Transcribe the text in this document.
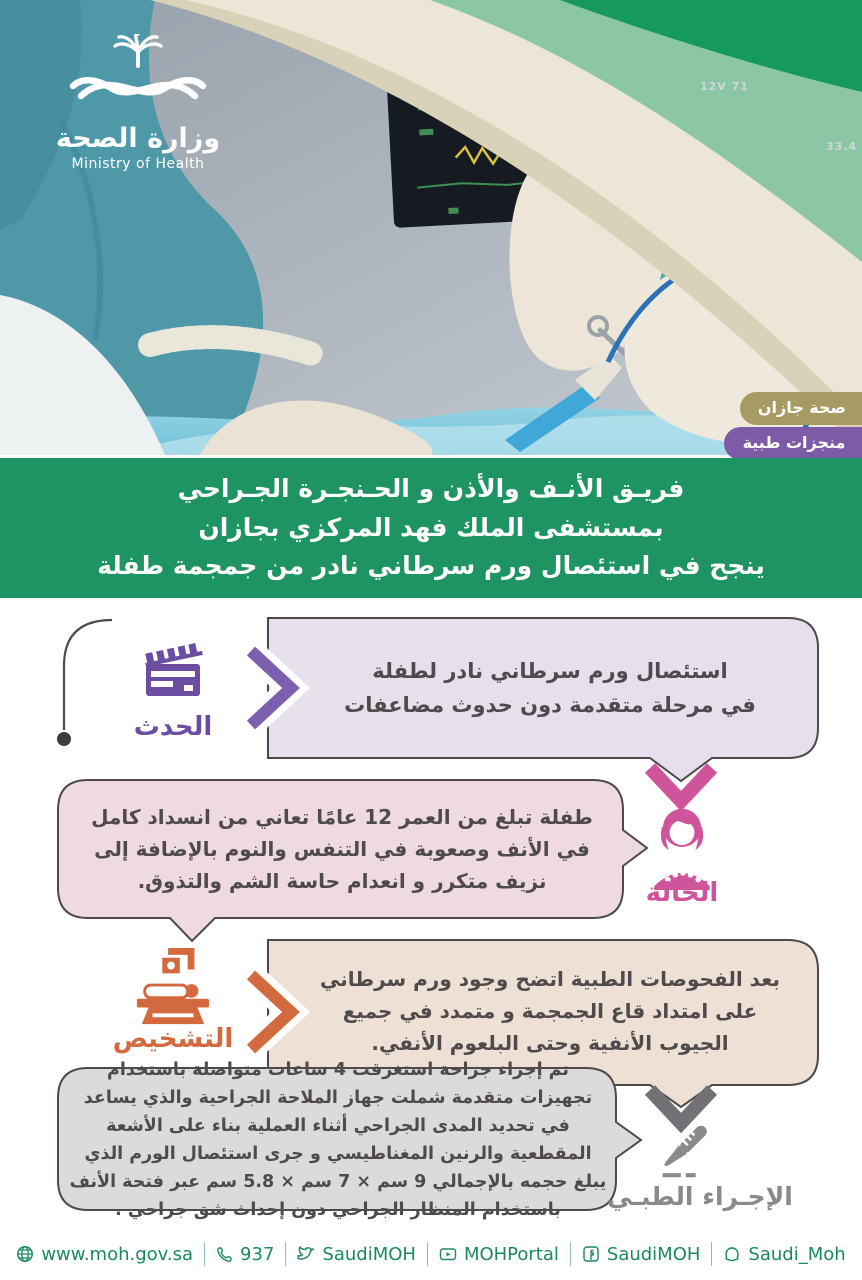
12V 71
33.4
وزارة الصحة
Ministry of Health
صحة جازان
منجزات طبية
فريـق الأنـف والأذن و الحـنجـرة الجـراحي
بمستشفى الملك فهد المركزي بجازان
ينجح في استئصال ورم سرطاني نادر من جمجمة طفلة
الحدث
استئصال ورم سرطاني نادر لطفلة
في مرحلة متقدمة دون حدوث مضاعفات
الحالة
طفلة تبلغ من العمر 12 عامًا تعاني من انسداد كامل
في الأنف وصعوبة في التنفس والنوم بالإضافة إلى
نزيف متكرر و انعدام حاسة الشم والتذوق.
التشخيص
بعد الفحوصات الطبية اتضح وجود ورم سرطاني
على امتداد قاع الجمجمة و متمدد في جميع
الجيوب الأنفية وحتى البلعوم الأنفي.
الإجـراء الطبـي
تم إجراء جراحة استغرقت 4 ساعات متواصلة باستخدام
تجهيزات متقدمة شملت جهاز الملاحة الجراحية والذي يساعد
في تحديد المدى الجراحي أثناء العملية بناء على الأشعة
المقطعية والرنين المغناطيسي و جرى استئصال الورم الذي
يبلغ حجمه بالإجمالي 9 سم × 7 سم × 5.8 سم عبر فتحة الأنف
باستخدام المنظار الجراحي دون إحداث شق جراحي .
www.moh.gov.sa	937	SaudiMOH	MOHPortal	SaudiMOH	Saudi_Moh
